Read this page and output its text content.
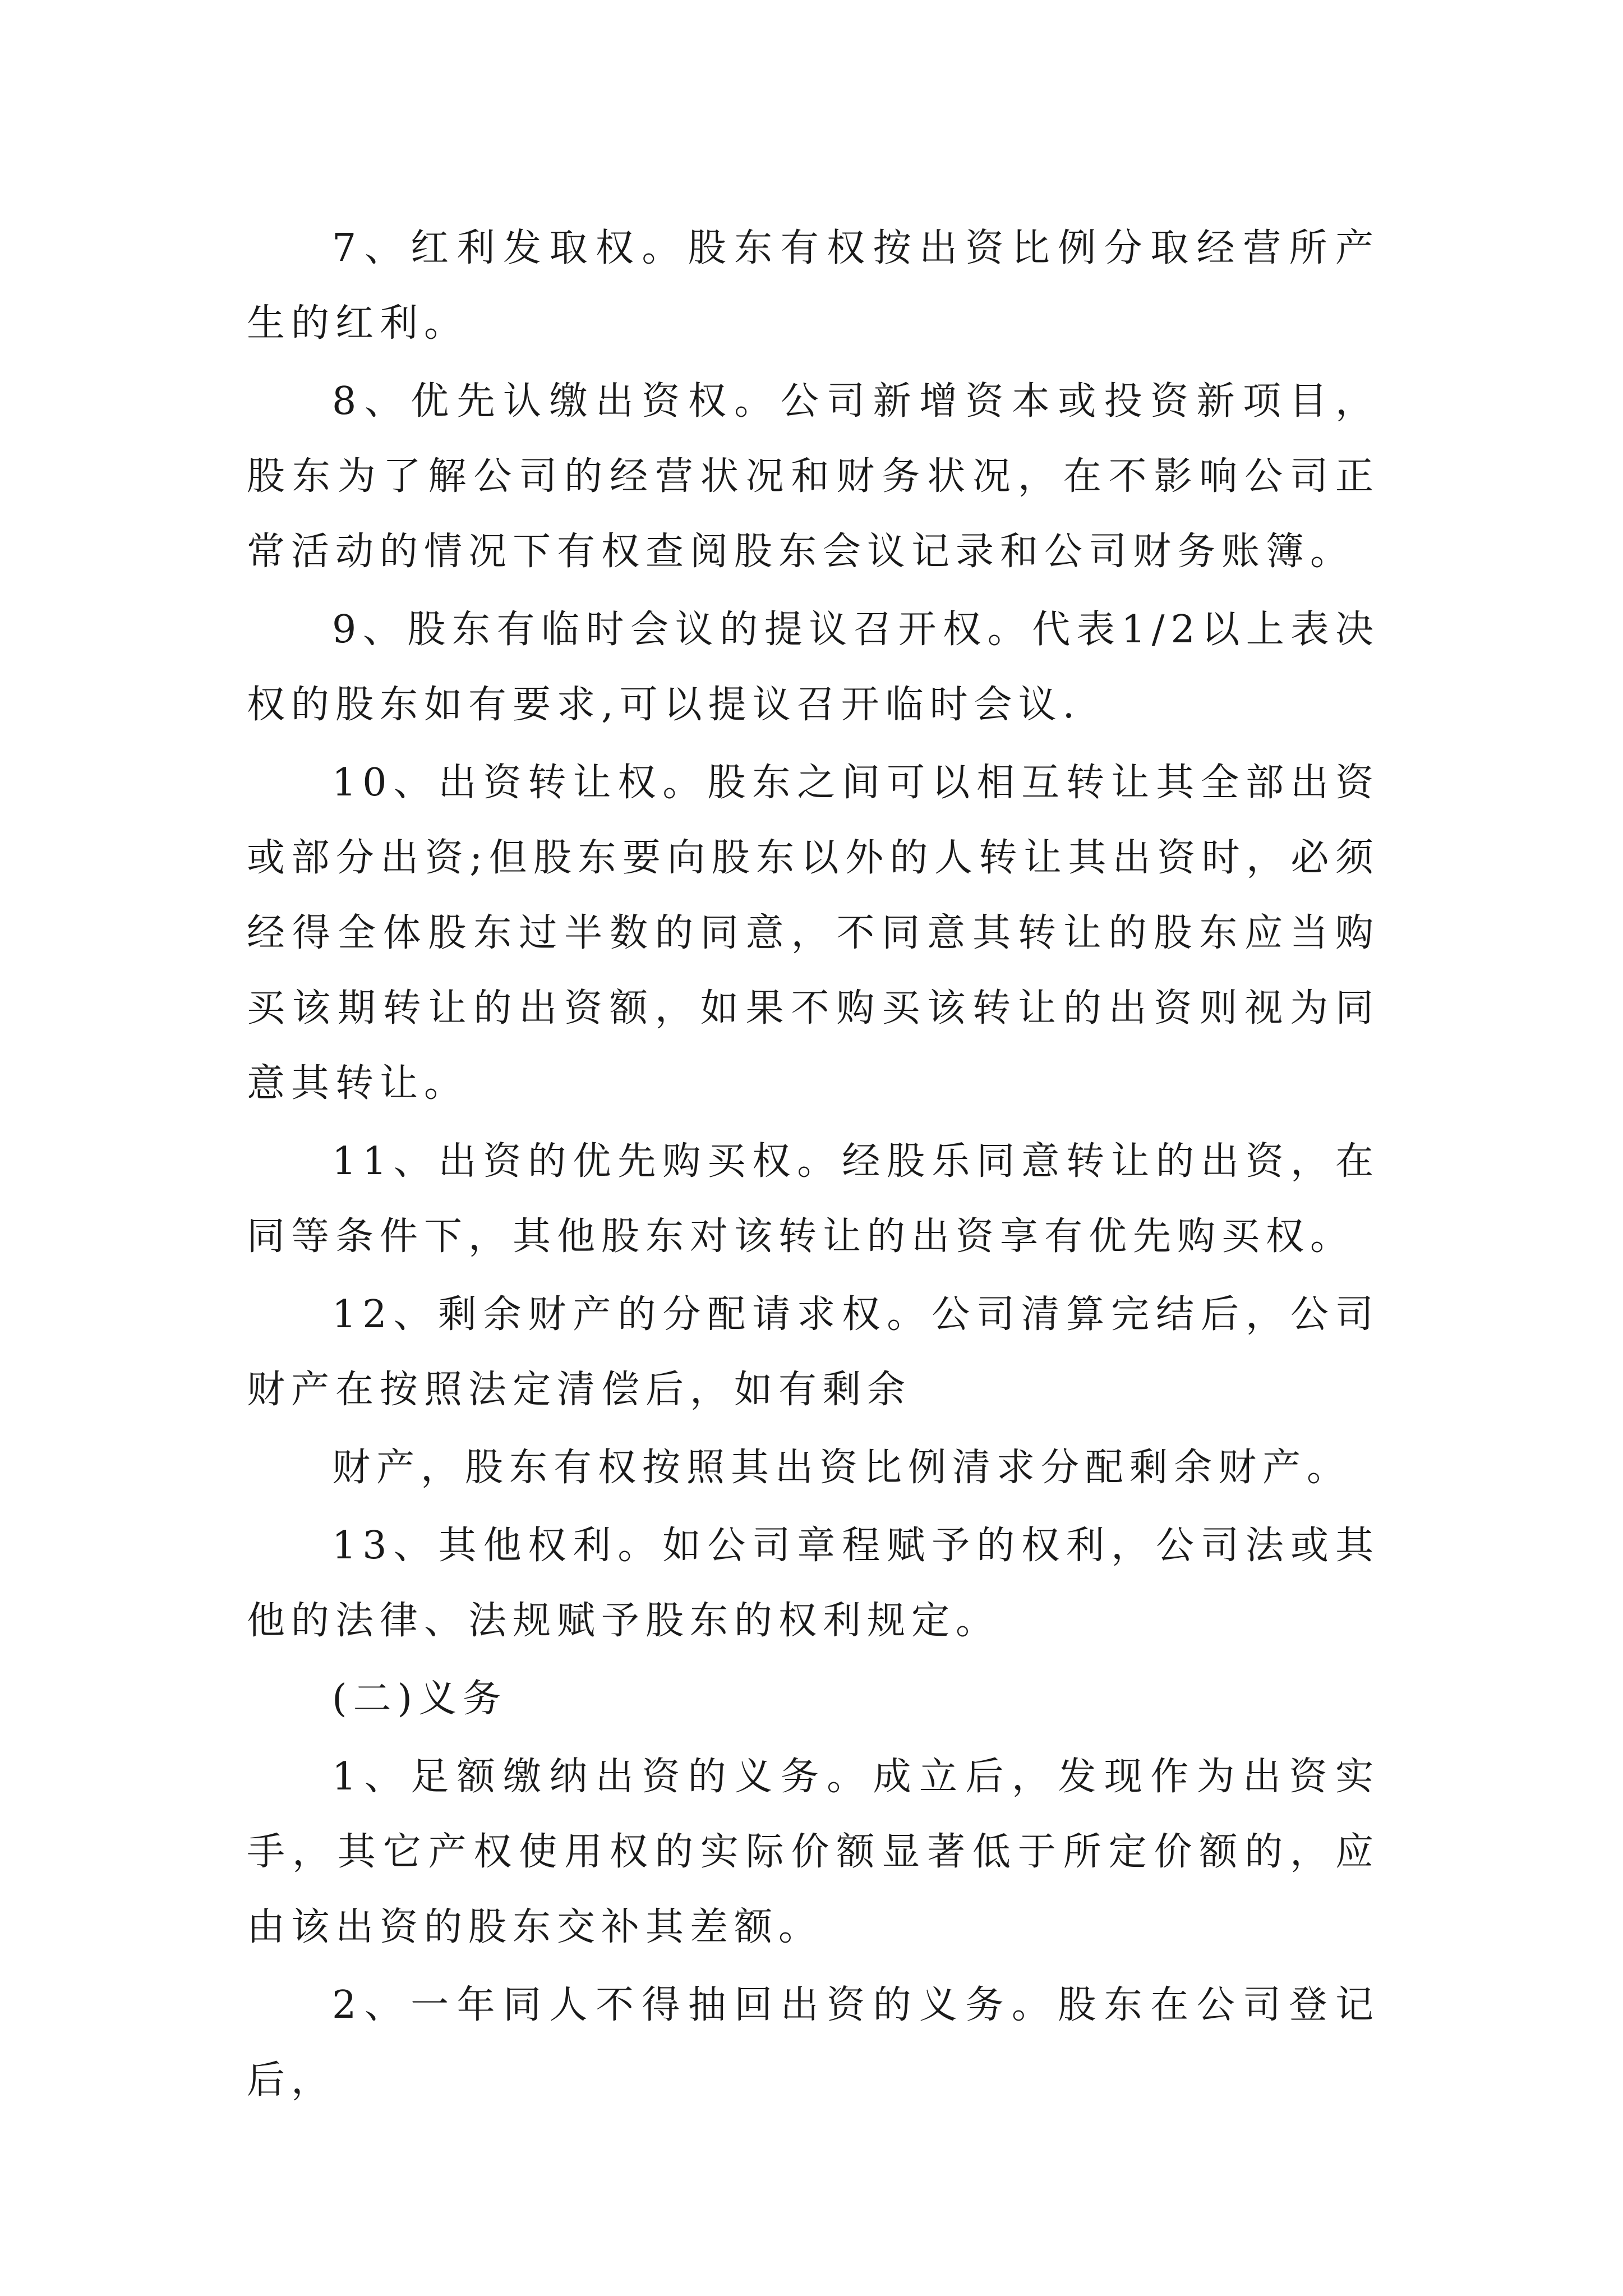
7、红利发取权。股东有权按出资比例分取经营所产生的红利。

8、优先认缴出资权。公司新增资本或投资新项目，股东为了解公司的经营状况和财务状况，在不影响公司正常活动的情况下有权查阅股东会议记录和公司财务账簿。

9、股东有临时会议的提议召开权。代表1/2以上表决权的股东如有要求,可以提议召开临时会议.

10、出资转让权。股东之间可以相互转让其全部出资或部分出资;但股东要向股东以外的人转让其出资时，必须经得全体股东过半数的同意，不同意其转让的股东应当购买该期转让的出资额，如果不购买该转让的出资则视为同意其转让。

11、出资的优先购买权。经股乐同意转让的出资，在同等条件下，其他股东对该转让的出资享有优先购买权。

12、剩余财产的分配请求权。公司清算完结后，公司财产在按照法定清偿后，如有剩余

财产，股东有权按照其出资比例清求分配剩余财产。

13、其他权利。如公司章程赋予的权利，公司法或其他的法律、法规赋予股东的权利规定。

(二)义务

1、足额缴纳出资的义务。成立后，发现作为出资实手，其它产权使用权的实际价额显著低于所定价额的，应由该出资的股东交补其差额。

2、一年同人不得抽回出资的义务。股东在公司登记后，
